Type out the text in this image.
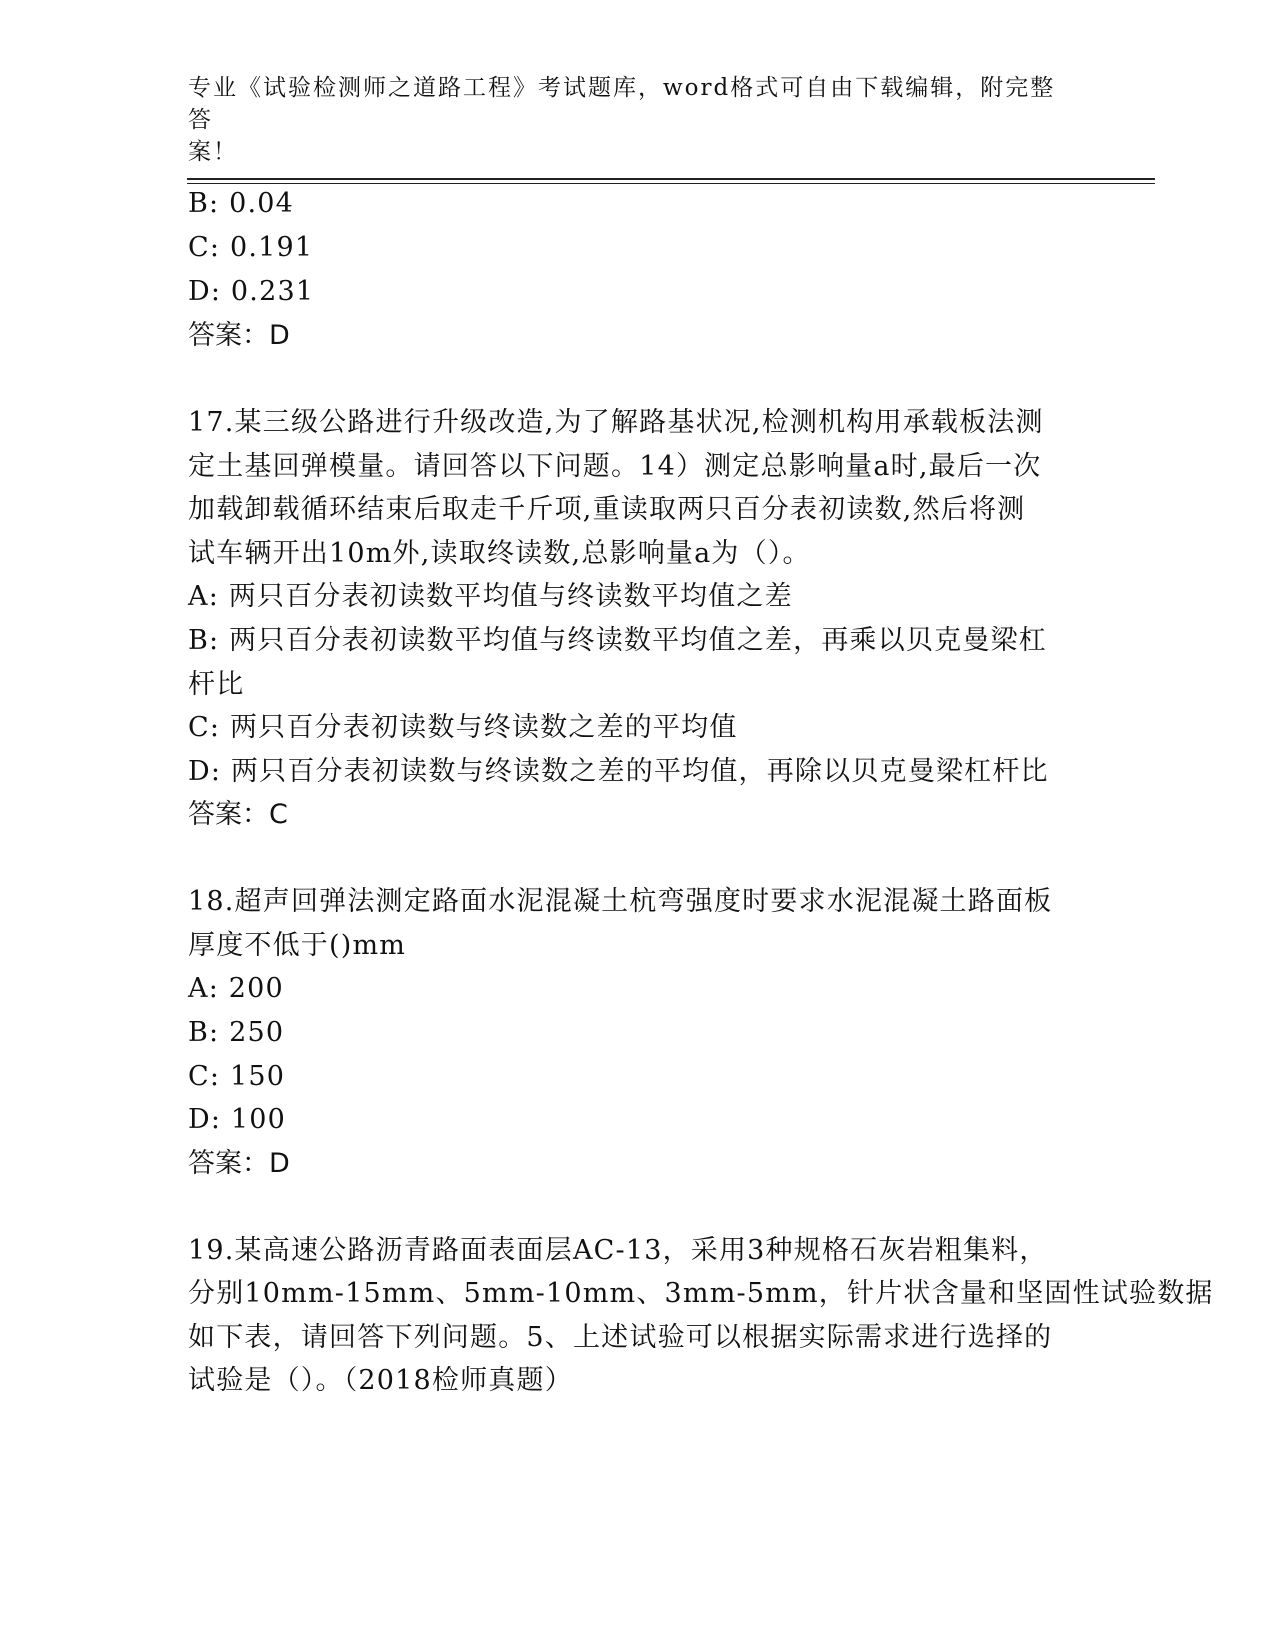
专业《试验检测师之道路工程》考试题库，word格式可自由下载编辑，附完整答
案！
B: 0.04
C: 0.191
D: 0.231
答案：D
17.某三级公路进行升级改造,为了解路基状况,检测机构用承载板法测
定土基回弹模量。请回答以下问题。14）测定总影响量a时,最后一次
加载卸载循环结束后取走千斤项,重读取两只百分表初读数,然后将测
试车辆开出10m外,读取终读数,总影响量a为（）。
A: 两只百分表初读数平均值与终读数平均值之差
B: 两只百分表初读数平均值与终读数平均值之差，再乘以贝克曼梁杠
杆比
C: 两只百分表初读数与终读数之差的平均值
D: 两只百分表初读数与终读数之差的平均值，再除以贝克曼梁杠杆比
答案：C
18.超声回弹法测定路面水泥混凝土杭弯强度时要求水泥混凝土路面板
厚度不低于()mm
A: 200
B: 250
C: 150
D: 100
答案：D
19.某高速公路沥青路面表面层AC-13，采用3种规格石灰岩粗集料，
分别10mm-15mm、5mm-10mm、3mm-5mm，针片状含量和坚固性试验数据
如下表，请回答下列问题。5、上述试验可以根据实际需求进行选择的
试验是（）。（2018检师真题）
